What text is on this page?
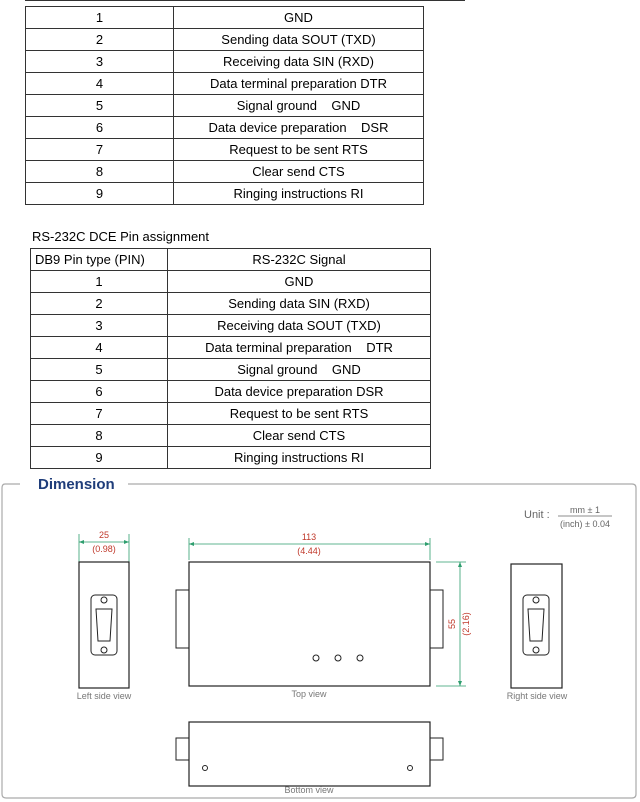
1	GND
2	Sending data SOUT (TXD)
3	Receiving data SIN (RXD)
4	Data terminal preparation DTR
5	Signal ground    GND
6	Data device preparation    DSR
7	Request to be sent RTS
8	Clear send CTS
9	Ringing instructions RI
RS-232C DCE Pin assignment
DB9 Pin type (PIN)	RS-232C Signal
1	GND
2	Sending data SIN (RXD)
3	Receiving data SOUT (TXD)
4	Data terminal preparation    DTR
5	Signal ground    GND
6	Data device preparation DSR
7	Request to be sent RTS
8	Clear send CTS
9	Ringing instructions RI
Dimension
Unit : mm ± 1
(inch) ± 0.04
25
(0.98)
Left side view
113
(4.44)
55 (2.16)
Top view	Right side view
Bottom view
